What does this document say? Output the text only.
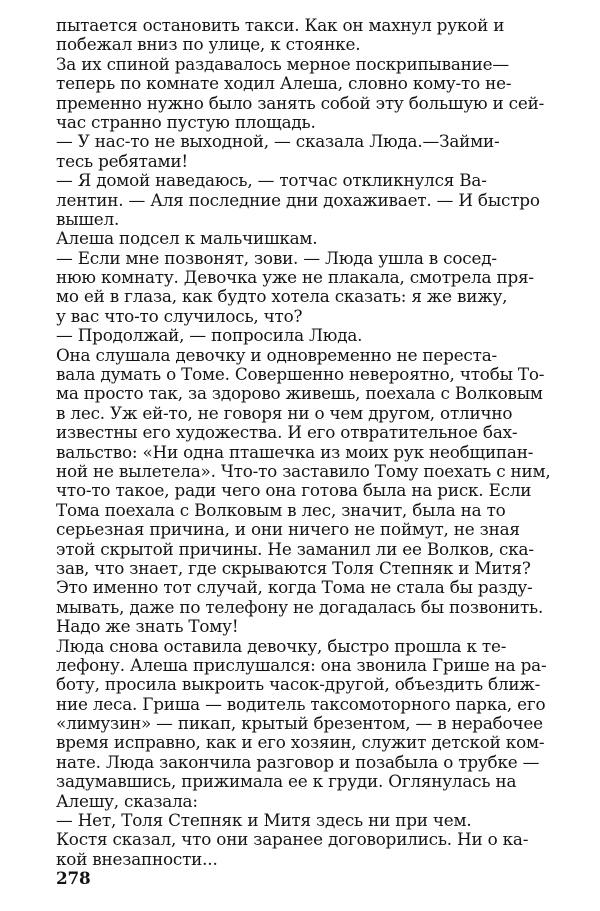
пытается остановить такси. Как он махнул рукой и
побежал вниз по улице, к стоянке.
За их спиной раздавалось мерное поскрипывание—
теперь по комнате ходил Алеша, словно кому-то не-
пременно нужно было занять собой эту большую и сей-
час странно пустую площадь.
— У нас-то не выходной, — сказала Люда.—Займи-
тесь ребятами!
— Я домой наведаюсь, — тотчас откликнулся Ва-
лентин. — Аля последние дни дохаживает. — И быстро
вышел.
Алеша подсел к мальчишкам.
— Если мне позвонят, зови. — Люда ушла в сосед-
нюю комнату. Девочка уже не плакала, смотрела пря-
мо ей в глаза, как будто хотела сказать: я же вижу,
у вас что-то случилось, что?
— Продолжай, — попросила Люда.
Она слушала девочку и одновременно не переста-
вала думать о Томе. Совершенно невероятно, чтобы То-
ма просто так, за здорово живешь, поехала с Волковым
в лес. Уж ей-то, не говоря ни о чем другом, отлично
известны его художества. И его отвратительное бах-
вальство: «Ни одна пташечка из моих рук необщипан-
ной не вылетела». Что-то заставило Тому поехать с ним,
что-то такое, ради чего она готова была на риск. Если
Тома поехала с Волковым в лес, значит, была на то
серьезная причина, и они ничего не поймут, не зная
этой скрытой причины. Не заманил ли ее Волков, ска-
зав, что знает, где скрываются Толя Степняк и Митя?
Это именно тот случай, когда Тома не стала бы разду-
мывать, даже по телефону не догадалась бы позвонить.
Надо же знать Тому!
Люда снова оставила девочку, быстро прошла к те-
лефону. Алеша прислушался: она звонила Грише на ра-
боту, просила выкроить часок-другой, объездить ближ-
ние леса. Гриша — водитель таксомоторного парка, его
«лимузин» — пикап, крытый брезентом, — в нерабочее
время исправно, как и его хозяин, служит детской ком-
нате. Люда закончила разговор и позабыла о трубке —
задумавшись, прижимала ее к груди. Оглянулась на
Алешу, сказала:
— Нет, Толя Степняк и Митя здесь ни при чем.
Костя сказал, что они заранее договорились. Ни о ка-
кой внезапности...
278
